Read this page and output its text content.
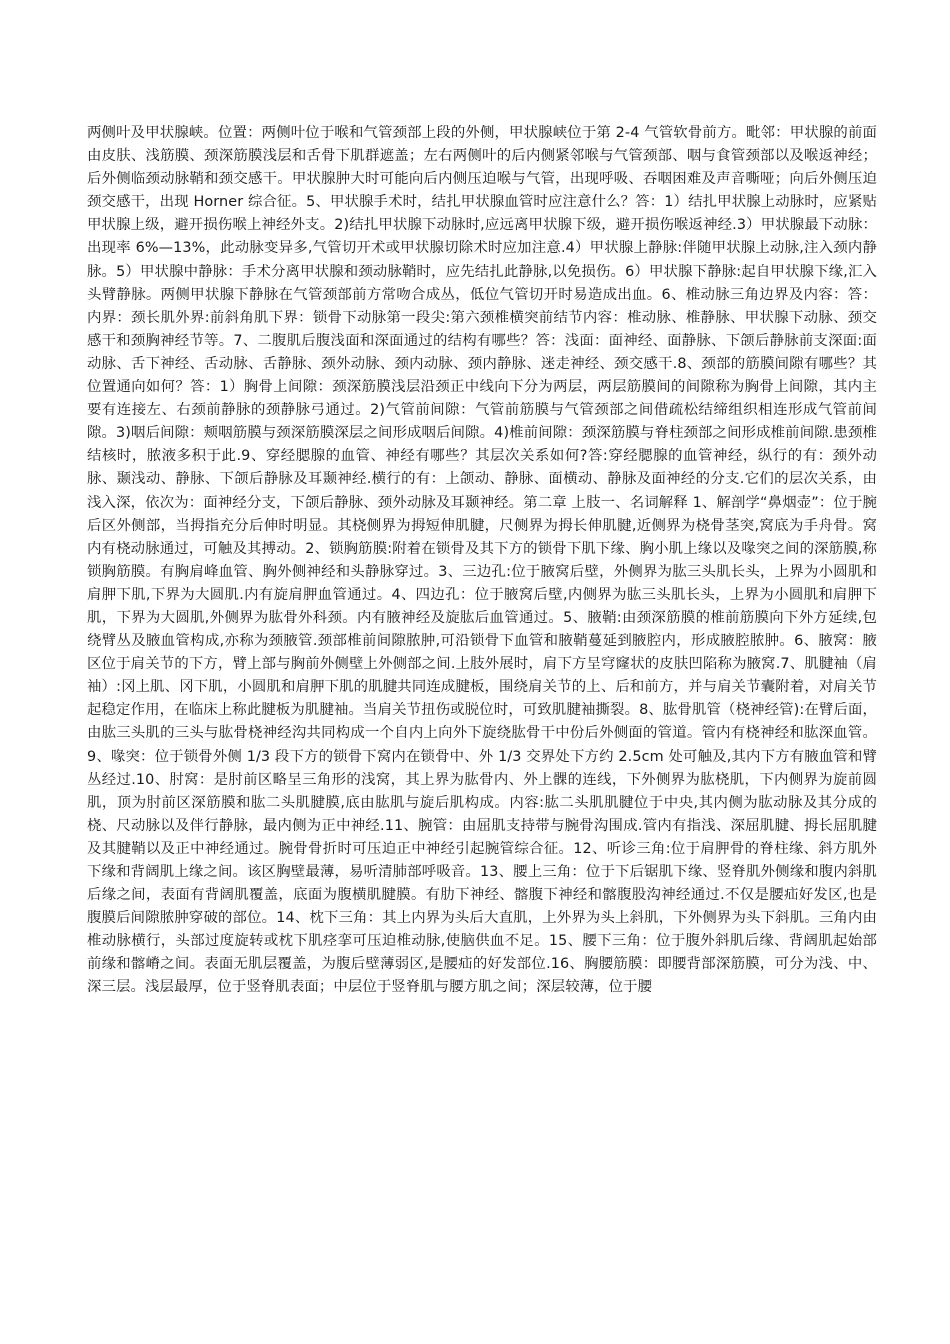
两侧叶及甲状腺峡。位置：两侧叶位于喉和气管颈部上段的外侧，甲状腺峡位于第 2-4 气管软骨前方。毗邻：甲状腺的前面由皮肤、浅筋膜、颈深筋膜浅层和舌骨下肌群遮盖；左右两侧叶的后内侧紧邻喉与气管颈部、咽与食管颈部以及喉返神经；后外侧临颈动脉鞘和颈交感干。甲状腺肿大时可能向后内侧压迫喉与气管，出现呼吸、吞咽困难及声音嘶哑；向后外侧压迫颈交感干，出现 Horner 综合征。5、甲状腺手术时，结扎甲状腺血管时应注意什么？答：1）结扎甲状腺上动脉时，应紧贴甲状腺上级，避开损伤喉上神经外支。2)结扎甲状腺下动脉时,应远离甲状腺下级，避开损伤喉返神经.3）甲状腺最下动脉：出现率 6%—13%，此动脉变异多,气管切开术或甲状腺切除术时应加注意.4）甲状腺上静脉:伴随甲状腺上动脉,注入颈内静脉。5）甲状腺中静脉：手术分离甲状腺和颈动脉鞘时，应先结扎此静脉,以免损伤。6）甲状腺下静脉:起自甲状腺下缘,汇入头臂静脉。两侧甲状腺下静脉在气管颈部前方常吻合成丛，低位气管切开时易造成出血。6、椎动脉三角边界及内容：答：内界：颈长肌外界:前斜角肌下界：锁骨下动脉第一段尖:第六颈椎横突前结节内容：椎动脉、椎静脉、甲状腺下动脉、颈交感干和颈胸神经节等。7、二腹肌后腹浅面和深面通过的结构有哪些？答：浅面：面神经、面静脉、下颌后静脉前支深面:面动脉、舌下神经、舌动脉、舌静脉、颈外动脉、颈内动脉、颈内静脉、迷走神经、颈交感干.8、颈部的筋膜间隙有哪些？其位置通向如何？答：1）胸骨上间隙：颈深筋膜浅层沿颈正中线向下分为两层，两层筋膜间的间隙称为胸骨上间隙，其内主要有连接左、右颈前静脉的颈静脉弓通过。2)气管前间隙：气管前筋膜与气管颈部之间借疏松结缔组织相连形成气管前间隙。3)咽后间隙：颊咽筋膜与颈深筋膜深层之间形成咽后间隙。4)椎前间隙：颈深筋膜与脊柱颈部之间形成椎前间隙.患颈椎结核时，脓液多积于此.9、穿经腮腺的血管、神经有哪些？其层次关系如何?答:穿经腮腺的血管神经，纵行的有：颈外动脉、颞浅动、静脉、下颌后静脉及耳颞神经.横行的有：上颌动、静脉、面横动、静脉及面神经的分支.它们的层次关系，由浅入深，依次为：面神经分支，下颌后静脉、颈外动脉及耳颞神经。第二章 上肢一、名词解释 1、解剖学“鼻烟壶”：位于腕后区外侧部，当拇指充分后伸时明显。其桡侧界为拇短伸肌腱，尺侧界为拇长伸肌腱,近侧界为桡骨茎突,窝底为手舟骨。窝内有桡动脉通过，可触及其搏动。2、锁胸筋膜:附着在锁骨及其下方的锁骨下肌下缘、胸小肌上缘以及喙突之间的深筋膜,称锁胸筋膜。有胸肩峰血管、胸外侧神经和头静脉穿过。3、三边孔:位于腋窝后壁，外侧界为肱三头肌长头，上界为小圆肌和肩胛下肌,下界为大圆肌.内有旋肩胛血管通过。4、四边孔：位于腋窝后壁,内侧界为肱三头肌长头，上界为小圆肌和肩胛下肌，下界为大圆肌,外侧界为肱骨外科颈。内有腋神经及旋肱后血管通过。5、腋鞘:由颈深筋膜的椎前筋膜向下外方延续,包绕臂丛及腋血管构成,亦称为颈腋管.颈部椎前间隙脓肿,可沿锁骨下血管和腋鞘蔓延到腋腔内，形成腋腔脓肿。6、腋窝：腋区位于肩关节的下方，臂上部与胸前外侧壁上外侧部之间.上肢外展时，肩下方呈穹窿状的皮肤凹陷称为腋窝.7、肌腱袖（肩袖）:冈上肌、冈下肌，小圆肌和肩胛下肌的肌腱共同连成腱板，围绕肩关节的上、后和前方，并与肩关节囊附着，对肩关节起稳定作用，在临床上称此腱板为肌腱袖。当肩关节扭伤或脱位时，可致肌腱袖撕裂。8、肱骨肌管（桡神经管):在臂后面，由肱三头肌的三头与肱骨桡神经沟共同构成一个自内上向外下旋绕肱骨干中份后外侧面的管道。管内有桡神经和肱深血管。9、喙突：位于锁骨外侧 1/3 段下方的锁骨下窝内在锁骨中、外 1/3 交界处下方约 2.5cm 处可触及,其内下方有腋血管和臂丛经过.10、肘窝：是肘前区略呈三角形的浅窝，其上界为肱骨内、外上髁的连线，下外侧界为肱桡肌，下内侧界为旋前圆肌，顶为肘前区深筋膜和肱二头肌腱膜,底由肱肌与旋后肌构成。内容:肱二头肌肌腱位于中央,其内侧为肱动脉及其分成的桡、尺动脉以及伴行静脉，最内侧为正中神经.11、腕管：由屈肌支持带与腕骨沟围成.管内有指浅、深屈肌腱、拇长屈肌腱及其腱鞘以及正中神经通过。腕骨骨折时可压迫正中神经引起腕管综合征。12、听诊三角:位于肩胛骨的脊柱缘、斜方肌外下缘和背阔肌上缘之间。该区胸壁最薄，易听清肺部呼吸音。13、腰上三角：位于下后锯肌下缘、竖脊肌外侧缘和腹内斜肌后缘之间，表面有背阔肌覆盖，底面为腹横肌腱膜。有肋下神经、髂腹下神经和髂腹股沟神经通过.不仅是腰疝好发区,也是腹膜后间隙脓肿穿破的部位。14、枕下三角：其上内界为头后大直肌，上外界为头上斜肌，下外侧界为头下斜肌。三角内由椎动脉横行，头部过度旋转或枕下肌痉挛可压迫椎动脉,使脑供血不足。15、腰下三角：位于腹外斜肌后缘、背阔肌起始部前缘和髂嵴之间。表面无肌层覆盖，为腹后壁薄弱区,是腰疝的好发部位.16、胸腰筋膜：即腰背部深筋膜，可分为浅、中、深三层。浅层最厚，位于竖脊肌表面；中层位于竖脊肌与腰方肌之间；深层较薄，位于腰
